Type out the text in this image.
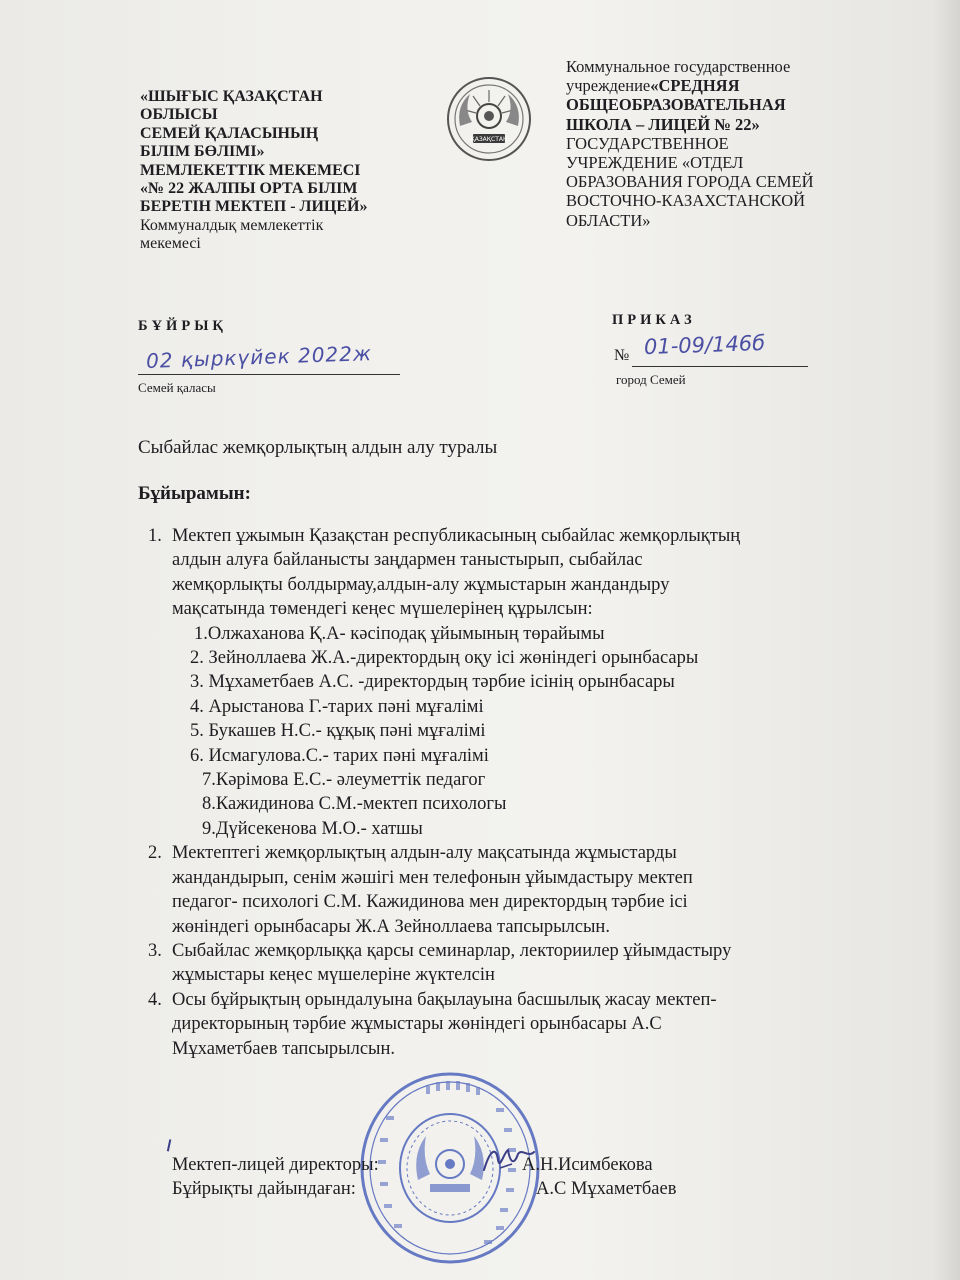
«ШЫҒЫС ҚАЗАҚСТАН
ОБЛЫСЫ
СЕМЕЙ ҚАЛАСЫНЫҢ
БІЛІМ БӨЛІМІ»
МЕМЛЕКЕТТІК МЕКЕМЕСІ
«№ 22 ЖАЛПЫ ОРТА БІЛІМ
БЕРЕТІН МЕКТЕП - ЛИЦЕЙ»
Коммуналдық мемлекеттік
мекемесі
ҚАЗАҚСТАН
Коммунальное государственное
учреждение«СРЕДНЯЯ
ОБЩЕОБРАЗОВАТЕЛЬНАЯ
ШКОЛА – ЛИЦЕЙ № 22»
ГОСУДАРСТВЕННОЕ
УЧРЕЖДЕНИЕ «ОТДЕЛ
ОБРАЗОВАНИЯ ГОРОДА СЕМЕЙ
ВОСТОЧНО-КАЗАХСТАНСКОЙ
ОБЛАСТИ»
БҰЙРЫҚ	ПРИКАЗ
02 қыркүйек 2022ж
Семей қаласы
№ 01-09/146б
город Семей
Сыбайлас жемқорлықтың алдын алу туралы
Бұйырамын:
1. Мектеп ұжымын Қазақстан республикасының сыбайлас жемқорлықтың
алдын алуға байланысты заңдармен таныстырып, сыбайлас
жемқорлықты болдырмау,алдын-алу жұмыстарын жандандыру
мақсатында төмендегі кеңес мүшелерінең құрылсын:
1.Олжаханова Қ.А- кәсіподақ ұйымының төрайымы
2. Зейноллаева Ж.А.-директордың оқу ісі жөніндегі орынбасары
3. Мұхаметбаев А.С. -директордың тәрбие ісінің орынбасары
4. Арыстанова Г.-тарих пәні мұғалімі
5. Букашев Н.С.- құқық пәні мұғалімі
6. Исмагулова.С.- тарих пәні мұғалімі
7.Кәрімова Е.С.- әлеуметтік педагог
8.Кажидинова С.М.-мектеп психологы
9.Дүйсекенова М.О.- хатшы
2. Мектептегі жемқорлықтың алдын-алу мақсатында жұмыстарды
жандандырып, сенім жәшігі мен телефонын ұйымдастыру мектеп
педагог- психологі С.М. Кажидинова мен директордың тәрбие ісі
жөніндегі орынбасары Ж.А Зейноллаева тапсырылсын.
3. Сыбайлас жемқорлыққа қарсы семинарлар, лекториилер ұйымдастыру
жұмыстары кеңес мүшелеріне жүктелсін
4. Осы бұйрықтың орындалуына бақылауына басшылық жасау мектеп-
директорының тәрбие жұмыстары жөніндегі орынбасары А.С
Мұхаметбаев тапсырылсын.
Мектеп-лицей директоры:	А.Н.Исимбекова
Бұйрықты дайындаған:	А.С Мұхаметбаев
